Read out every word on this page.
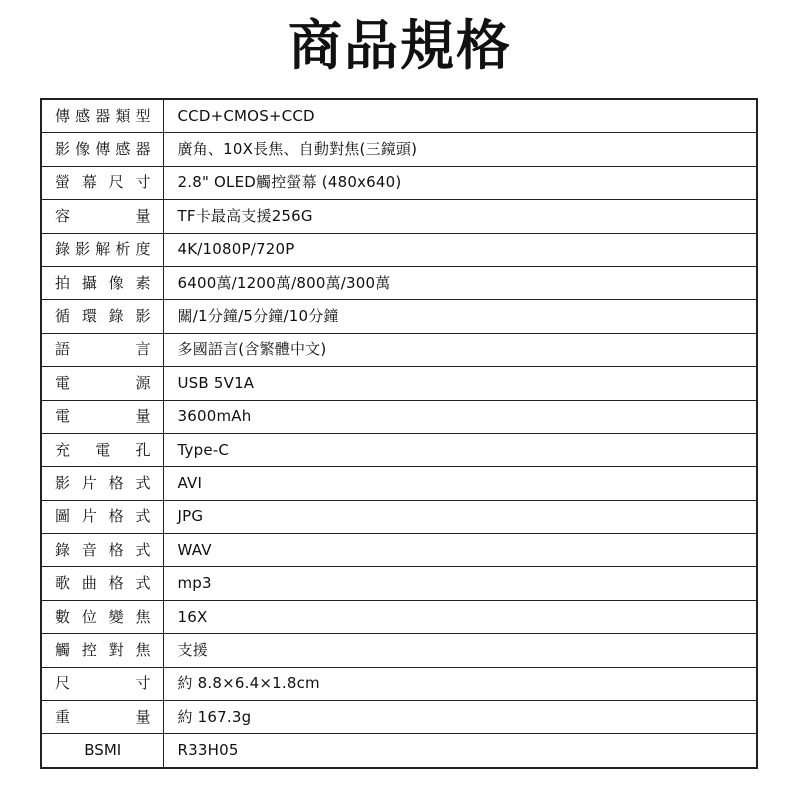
商品規格
傳感器類型	CCD+CMOS+CCD
影像傳感器	廣角、10X長焦、自動對焦(三鏡頭)
螢幕尺寸	2.8" OLED觸控螢幕 (480x640)
容量	TF卡最高支援256G
錄影解析度	4K/1080P/720P
拍攝像素	6400萬/1200萬/800萬/300萬
循環錄影	關/1分鐘/5分鐘/10分鐘
語言	多國語言(含繁體中文)
電源	USB 5V1A
電量	3600mAh
充電孔	Type-C
影片格式	AVI
圖片格式	JPG
錄音格式	WAV
歌曲格式	mp3
數位變焦	16X
觸控對焦	支援
尺寸	約 8.8×6.4×1.8cm
重量	約 167.3g
BSMI	R33H05
